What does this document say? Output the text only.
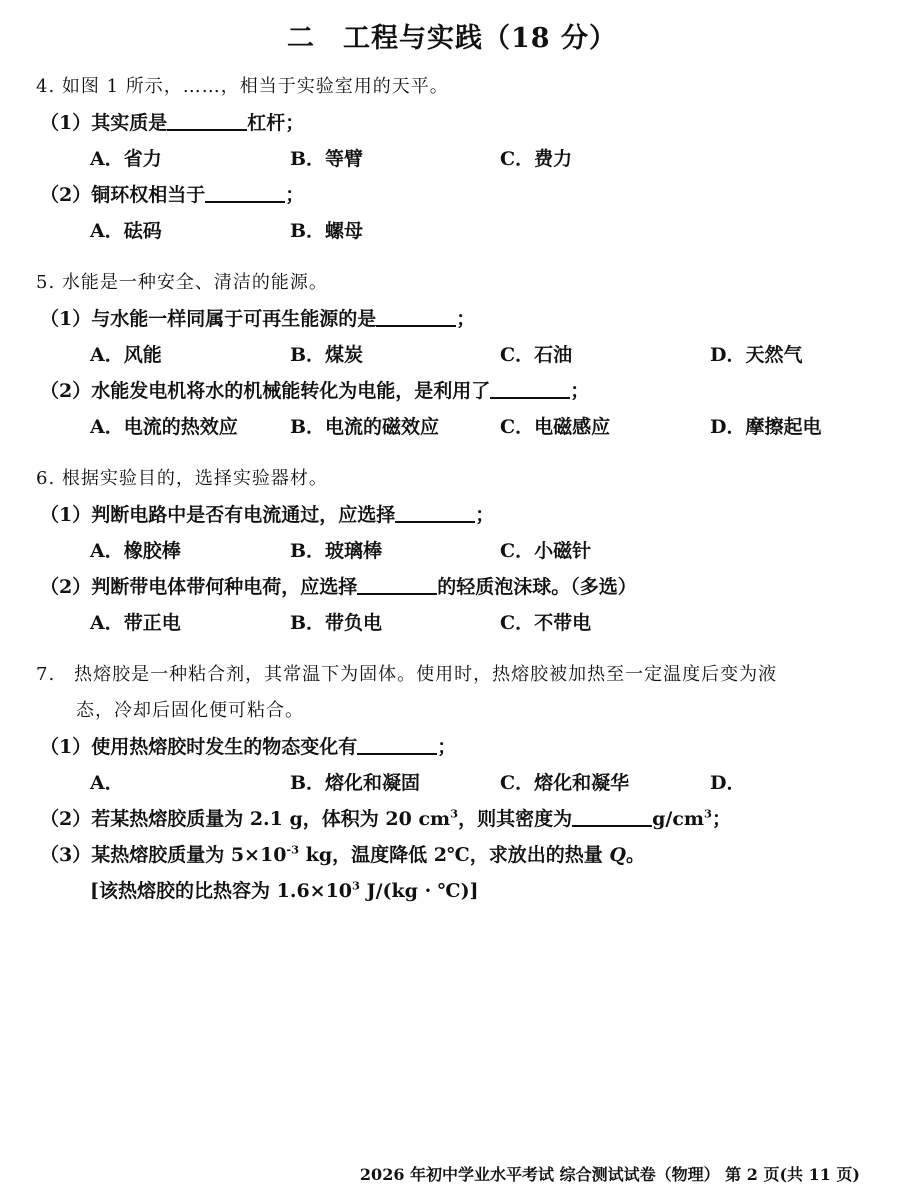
二　工程与实践（18 分）
4. 如图 1 所示，……，相当于实验室用的天平。
（1）其实质是	杠杆；
A．省力	B．等臂	C．费力
（2）铜环权相当于	；
A．砝码	B．螺母
5. 水能是一种安全、清洁的能源。
（1）与水能一样同属于可再生能源的是	；
A．风能	B．煤炭	C．石油	D．天然气
（2）水能发电机将水的机械能转化为电能，是利用了	；
A．电流的热效应	B．电流的磁效应	C．电磁感应	D．摩擦起电
6. 根据实验目的，选择实验器材。
（1）判断电路中是否有电流通过，应选择	；
A．橡胶棒	B．玻璃棒	C．小磁针
（2）判断带电体带何种电荷，应选择	的轻质泡沫球。（多选）
A．带正电	B．带负电	C．不带电
7.　热熔胶是一种粘合剂，其常温下为固体。使用时，热熔胶被加热至一定温度后变为液
态，冷却后固化便可粘合。
（1）使用热熔胶时发生的物态变化有	；
A．	B．熔化和凝固	C．熔化和凝华	D．
（2）若某热熔胶质量为 2.1 g，体积为 20 $cm^3$，则其密度为	$g/cm^3$；
（3）某热熔胶质量为 $5\times 10^{-3}$ kg，温度降低 2℃，求放出的热量 Q。
[该热熔胶的比热容为 $1.6\times 10^3$ J/(kg · ℃)]
2026 年初中学业水平考试 综合测试试卷（物理） 第 2 页(共 11 页)
